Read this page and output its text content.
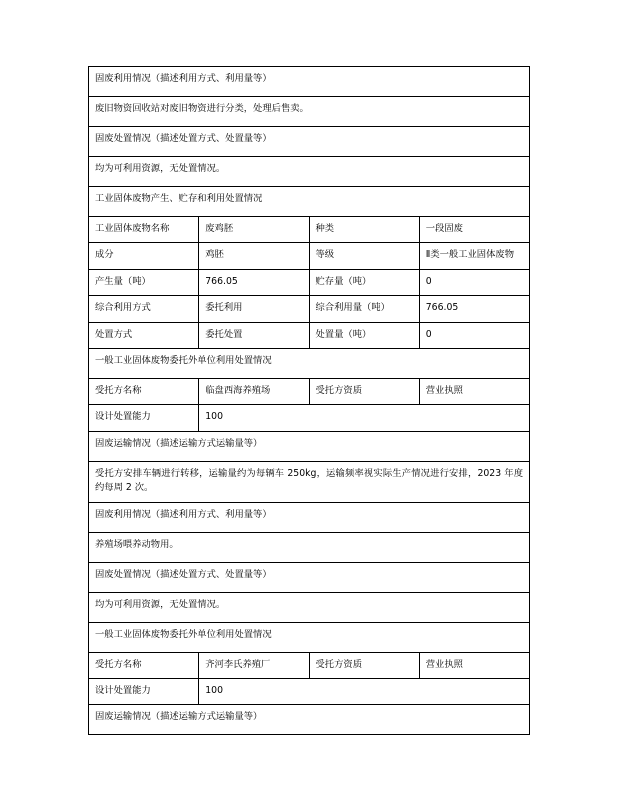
固废利用情况（描述利用方式、利用量等）			
废旧物资回收站对废旧物资进行分类，处理后售卖。			
固废处置情况（描述处置方式、处置量等）			
均为可利用资源，无处置情况。			
工业固体废物产生、贮存和利用处置情况			
工业固体废物名称	废鸡胚	种类	一段固废
成分	鸡胚	等级	Ⅱ类一般工业固体废物
产生量（吨）	766.05	贮存量（吨）	0
综合利用方式	委托利用	综合利用量（吨）	766.05
处置方式	委托处置	处置量（吨）	0
一般工业固体废物委托外单位利用处置情况			
受托方名称	临盘西海养殖场	受托方资质	营业执照
设计处置能力	100		
固废运输情况（描述运输方式运输量等）			
受托方安排车辆进行转移，运输量约为每辆车 250kg，运输频率视实际生产情况进行安排，2023 年度 约每周 2 次。			
固废利用情况（描述利用方式、利用量等）			
养殖场喂养动物用。			
固废处置情况（描述处置方式、处置量等）			
均为可利用资源，无处置情况。			
一般工业固体废物委托外单位利用处置情况			
受托方名称	齐河李氏养殖厂	受托方资质	营业执照
设计处置能力	100		
固废运输情况（描述运输方式运输量等）			
